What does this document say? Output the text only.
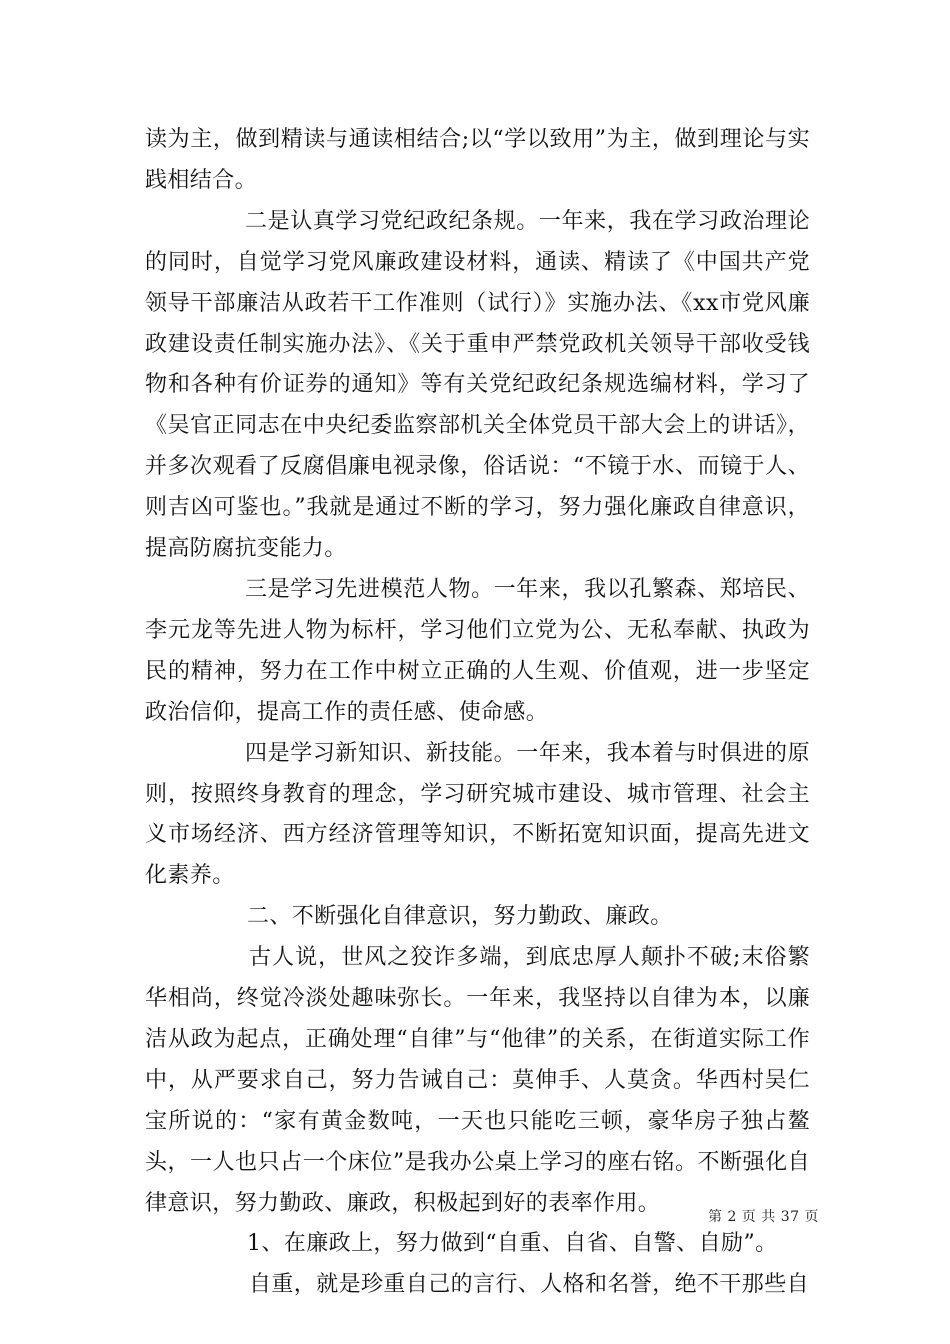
读为主，做到精读与通读相结合;以“学以致用”为主，做到理论与实践相结合。

二是认真学习党纪政纪条规。一年来，我在学习政治理论的同时，自觉学习党风廉政建设材料，通读、精读了《中国共产党领导干部廉洁从政若干工作准则（试行）》实施办法、《xx市党风廉政建设责任制实施办法》、《关于重申严禁党政机关领导干部收受钱物和各种有价证券的通知》等有关党纪政纪条规选编材料，学习了《吴官正同志在中央纪委监察部机关全体党员干部大会上的讲话》，并多次观看了反腐倡廉电视录像，俗话说：“不镜于水、而镜于人、则吉凶可鉴也。”我就是通过不断的学习，努力强化廉政自律意识，提高防腐抗变能力。

三是学习先进模范人物。一年来，我以孔繁森、郑培民、李元龙等先进人物为标杆，学习他们立党为公、无私奉献、执政为民的精神，努力在工作中树立正确的人生观、价值观，进一步坚定政治信仰，提高工作的责任感、使命感。

四是学习新知识、新技能。一年来，我本着与时俱进的原则，按照终身教育的理念，学习研究城市建设、城市管理、社会主义市场经济、西方经济管理等知识，不断拓宽知识面，提高先进文化素养。

二、不断强化自律意识，努力勤政、廉政。

古人说，世风之狡诈多端，到底忠厚人颠扑不破;末俗繁华相尚，终觉冷淡处趣味弥长。一年来，我坚持以自律为本，以廉洁从政为起点，正确处理“自律”与“他律”的关系，在街道实际工作中，从严要求自己，努力告诫自己：莫伸手、人莫贪。华西村吴仁宝所说的：“家有黄金数吨，一天也只能吃三顿，豪华房子独占鳌头，一人也只占一个床位”是我办公桌上学习的座右铭。不断强化自律意识，努力勤政、廉政，积极起到好的表率作用。

1、在廉政上，努力做到“自重、自省、自警、自励”。

自重，就是珍重自己的言行、人格和名誉，绝不干那些自

第 2 页 共 37 页
